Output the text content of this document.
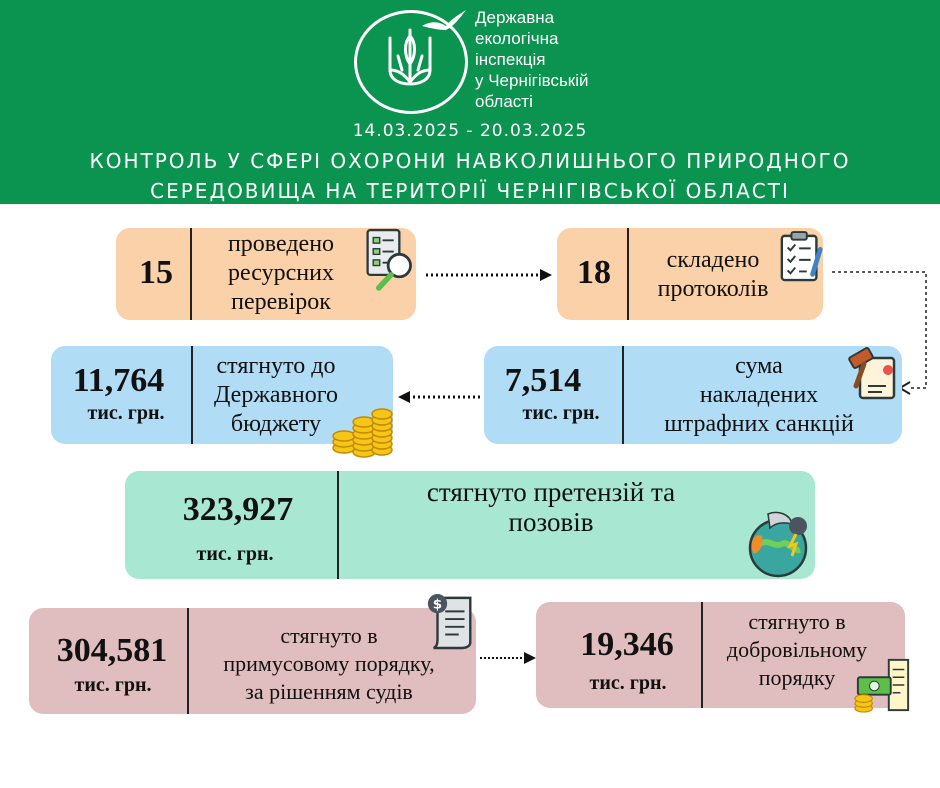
Державна
екологічна
інспекція
у Чернігівській
області
14.03.2025 - 20.03.2025
КОНТРОЛЬ У СФЕРІ ОХОРОНИ НАВКОЛИШНЬОГО ПРИРОДНОГО
СЕРЕДОВИЩА НА ТЕРИТОРІЇ ЧЕРНІГІВСЬКОЇ ОБЛАСТІ
15
проведено
ресурсних
перевірок
18	складено
протоколів
11,764
тис. грн.
стягнуто до
Державного
бюджету
7,514
тис. грн.
сума
накладених
штрафних санкцій
323,927
тис. грн.
стягнуто претензій та
позовів
304,581
тис. грн.
стягнуто в
примусовому порядку,
за рішенням судів
$
19,346
тис. грн.
стягнуто в
добровільному
порядку
